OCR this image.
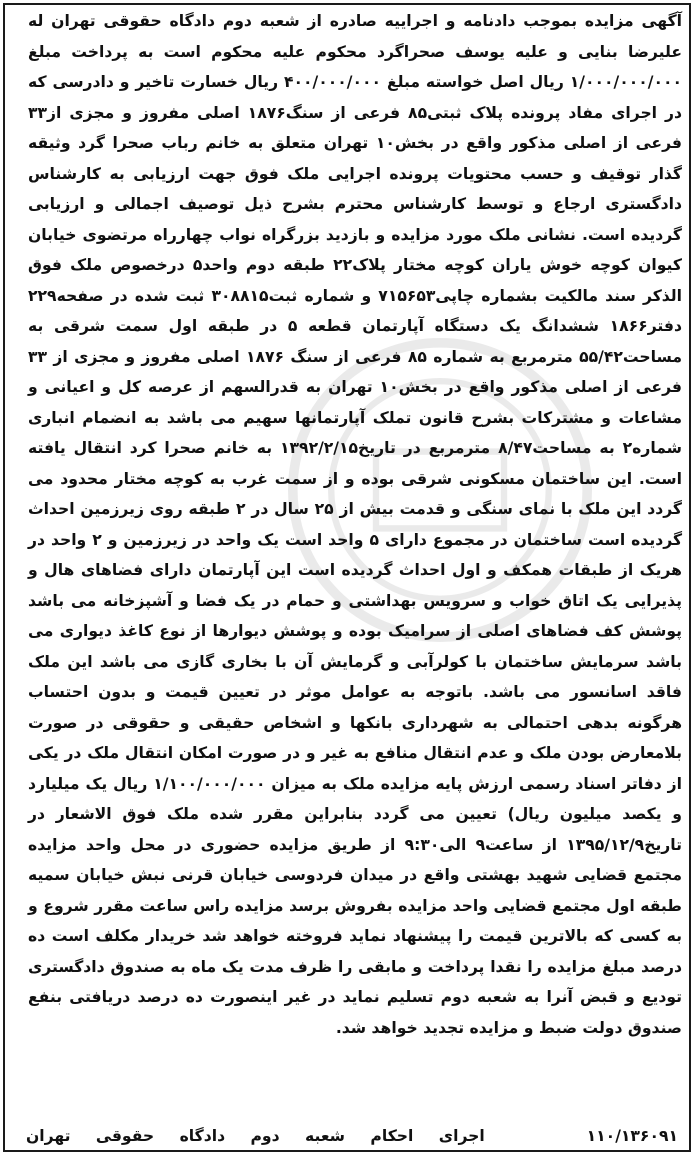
آگهی مزایده بموجب دادنامه و اجراییه صادره از شعبه دوم دادگاه حقوقی تهران له علیرضا بنایی و علیه یوسف صحراگرد محکوم علیه محکوم است به پرداخت مبلغ ۱/۰۰۰/۰۰۰/۰۰۰ ریال اصل خواسته مبلغ ۴۰۰/۰۰۰/۰۰۰ ریال خسارت تاخیر و دادرسی که در اجرای مفاد پرونده پلاک ثبتی۸۵ فرعی از سنگ۱۸۷۶ اصلی مفروز و مجزی از۳۳ فرعی از اصلی مذکور واقع در بخش۱۰ تهران متعلق به خانم رباب صحرا گرد وثیقه گذار توقیف و حسب محتویات پرونده اجرایی ملک فوق جهت ارزیابی به کارشناس دادگستری ارجاع و توسط کارشناس محترم بشرح ذیل توصیف اجمالی و ارزیابی گردیده است. نشانی ملک مورد مزایده و بازدید بزرگراه نواب چهارراه مرتضوی خیابان کیوان کوچه خوش یاران کوچه مختار پلاک۲۲ طبقه دوم واحد۵ درخصوص ملک فوق الذکر سند مالکیت بشماره چاپی۷۱۵۶۵۳ و شماره ثبت۳۰۸۸۱۵ ثبت شده در صفحه۲۲۹ دفتر۱۸۶۶ ششدانگ یک دستگاه آپارتمان قطعه ۵ در طبقه اول سمت شرقی به مساحت۵۵/۴۲ مترمربع به شماره ۸۵ فرعی از سنگ ۱۸۷۶ اصلی مفروز و مجزی از ۳۳ فرعی از اصلی مذکور واقع در بخش۱۰ تهران به قدرالسهم از عرصه کل و اعیانی و مشاعات و مشترکات بشرح قانون تملک آپارتمانها سهیم می باشد به انضمام انباری شماره۲ به مساحت۸/۴۷ مترمربع در تاریخ۱۳۹۲/۲/۱۵ به خانم صحرا کرد انتقال یافته است. این ساختمان مسکونی شرقی بوده و از سمت غرب به کوچه مختار محدود می گردد این ملک با نمای سنگی و قدمت بیش از ۲۵ سال در ۲ طبقه روی زیرزمین احداث گردیده است ساختمان در مجموع دارای ۵ واحد است یک واحد در زیرزمین و ۲ واحد در هریک از طبقات همکف و اول احداث گردیده است این آپارتمان دارای فضاهای هال و پذیرایی یک اتاق خواب و سرویس بهداشتی و حمام در یک فضا و آشپزخانه می باشد پوشش کف فضاهای اصلی از سرامیک بوده و پوشش دیوارها از نوع کاغذ دیواری می باشد سرمایش ساختمان با کولرآبی و گرمایش آن با بخاری گازی می باشد این ملک فاقد اسانسور می باشد. باتوجه به عوامل موثر در تعیین قیمت و بدون احتساب هرگونه بدهی احتمالی به شهرداری بانکها و اشخاص حقیقی و حقوقی در صورت بلامعارض بودن ملک و عدم انتقال منافع به غیر و در صورت امکان انتقال ملک در یکی از دفاتر اسناد رسمی ارزش پایه مزایده ملک به میزان ۱/۱۰۰/۰۰۰/۰۰۰ ریال یک میلیارد و یکصد میلیون ریال) تعیین می گردد بنابراین مقرر شده ملک فوق الاشعار در تاریخ۱۳۹۵/۱۲/۹ از ساعت۹ الی۹:۳۰ از طریق مزایده حضوری در محل واحد مزایده مجتمع قضایی شهید بهشتی واقع در میدان فردوسی خیابان قرنی نبش خیابان سمیه طبقه اول مجتمع قضایی واحد مزایده بفروش برسد مزایده راس ساعت مقرر شروع و به کسی که بالاترین قیمت را پیشنهاد نماید فروخته خواهد شد خریدار مکلف است ده درصد مبلغ مزایده را نقدا پرداخت و مابقی را ظرف مدت یک ماه به صندوق دادگستری تودیع و قبض آنرا به شعبه دوم تسلیم نماید در غیر اینصورت ده درصد دریافتی بنفع صندوق دولت ضبط و مزایده تجدید خواهد شد.

اجرای احکام شعبه دوم دادگاه حقوقی تهران	۱۱۰/۱۳۶۰۹۱
